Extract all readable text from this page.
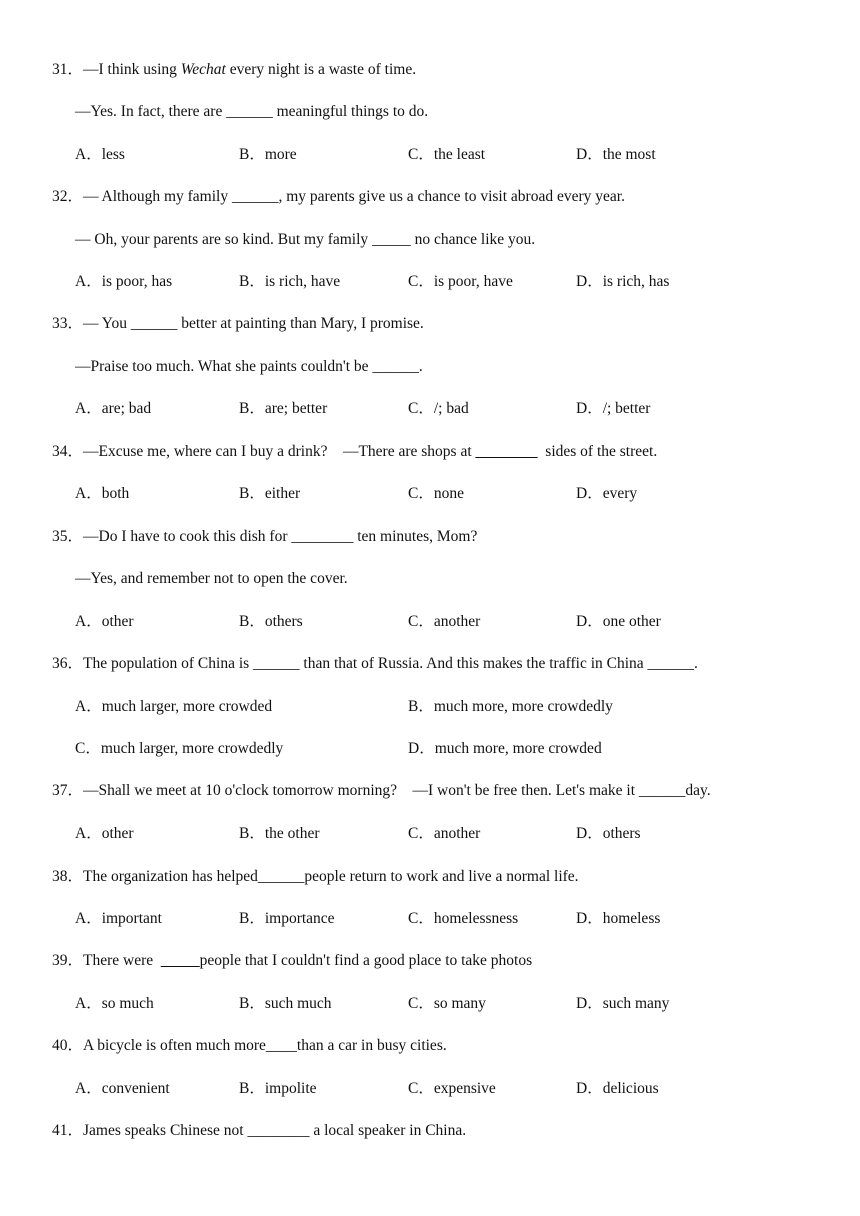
31．—I think using Wechat every night is a waste of time.
—Yes. In fact, there are ______ meaningful things to do.
A．less	B．more	C．the least	D．the most
32．— Although my family ______, my parents give us a chance to visit abroad every year.
— Oh, your parents are so kind. But my family _____ no chance like you.
A．is poor, has	B．is rich, have	C．is poor, have	D．is rich, has
33．— You ______ better at painting than Mary, I promise.
—Praise too much. What she paints couldn't be ______.
A．are; bad	B．are; better	C．/; bad	D．/; better
34．—Excuse me, where can I buy a drink?    —There are shops at ________  sides of the street.
A．both	B．either	C．none	D．every
35．—Do I have to cook this dish for ________ ten minutes, Mom?
—Yes, and remember not to open the cover.
A．other	B．others	C．another	D．one other
36．The population of China is ______ than that of Russia. And this makes the traffic in China ______.
A．much larger, more crowded	B．much more, more crowdedly
C．much larger, more crowdedly	D．much more, more crowded
37．—Shall we meet at 10 o'clock tomorrow morning?    —I won't be free then. Let's make it ______day.
A．other	B．the other	C．another	D．others
38．The organization has helped______people return to work and live a normal life.
A．important	B．importance	C．homelessness	D．homeless
39．There were  _____people that I couldn't find a good place to take photos
A．so much	B．such much	C．so many	D．such many
40．A bicycle is often much more____than a car in busy cities.
A．convenient	B．impolite	C．expensive	D．delicious
41．James speaks Chinese not ________ a local speaker in China.
